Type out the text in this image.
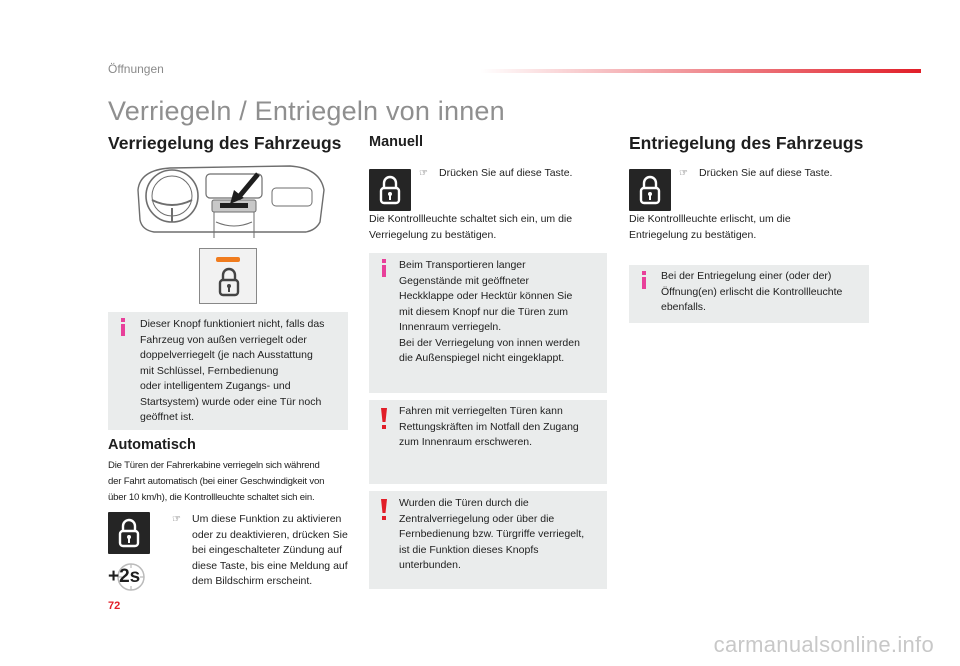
Öffnungen
Verriegeln / Entriegeln von innen
Verriegelung des Fahrzeugs
Dieser Knopf funktioniert nicht, falls das
Fahrzeug von außen verriegelt oder
doppelverriegelt (je nach Ausstattung
mit Schlüssel, Fernbedienung
oder intelligentem Zugangs- und
Startsystem) wurde oder eine Tür noch
geöffnet ist.
Automatisch
Die Türen der Fahrerkabine verriegeln sich während
der Fahrt automatisch (bei einer Geschwindigkeit von
über 10 km/h), die Kontrollleuchte schaltet sich ein.
+2s
☞ Um diese Funktion zu aktivieren
oder zu deaktivieren, drücken Sie
bei eingeschalteter Zündung auf
diese Taste, bis eine Meldung auf
dem Bildschirm erscheint.
Manuell
☞ Drücken Sie auf diese Taste.
Die Kontrollleuchte schaltet sich ein, um die
Verriegelung zu bestätigen.
Beim Transportieren langer
Gegenstände mit geöffneter
Heckklappe oder Hecktür können Sie
mit diesem Knopf nur die Türen zum
Innenraum verriegeln.
Bei der Verriegelung von innen werden
die Außenspiegel nicht eingeklappt.
Fahren mit verriegelten Türen kann
Rettungskräften im Notfall den Zugang
zum Innenraum erschweren.
Wurden die Türen durch die
Zentralverriegelung oder über die
Fernbedienung bzw. Türgriffe verriegelt,
ist die Funktion dieses Knopfs
unterbunden.
Entriegelung des Fahrzeugs
☞ Drücken Sie auf diese Taste.
Die Kontrollleuchte erlischt, um die
Entriegelung zu bestätigen.
Bei der Entriegelung einer (oder der)
Öffnung(en) erlischt die Kontrollleuchte
ebenfalls.
72
carmanualsonline.info
